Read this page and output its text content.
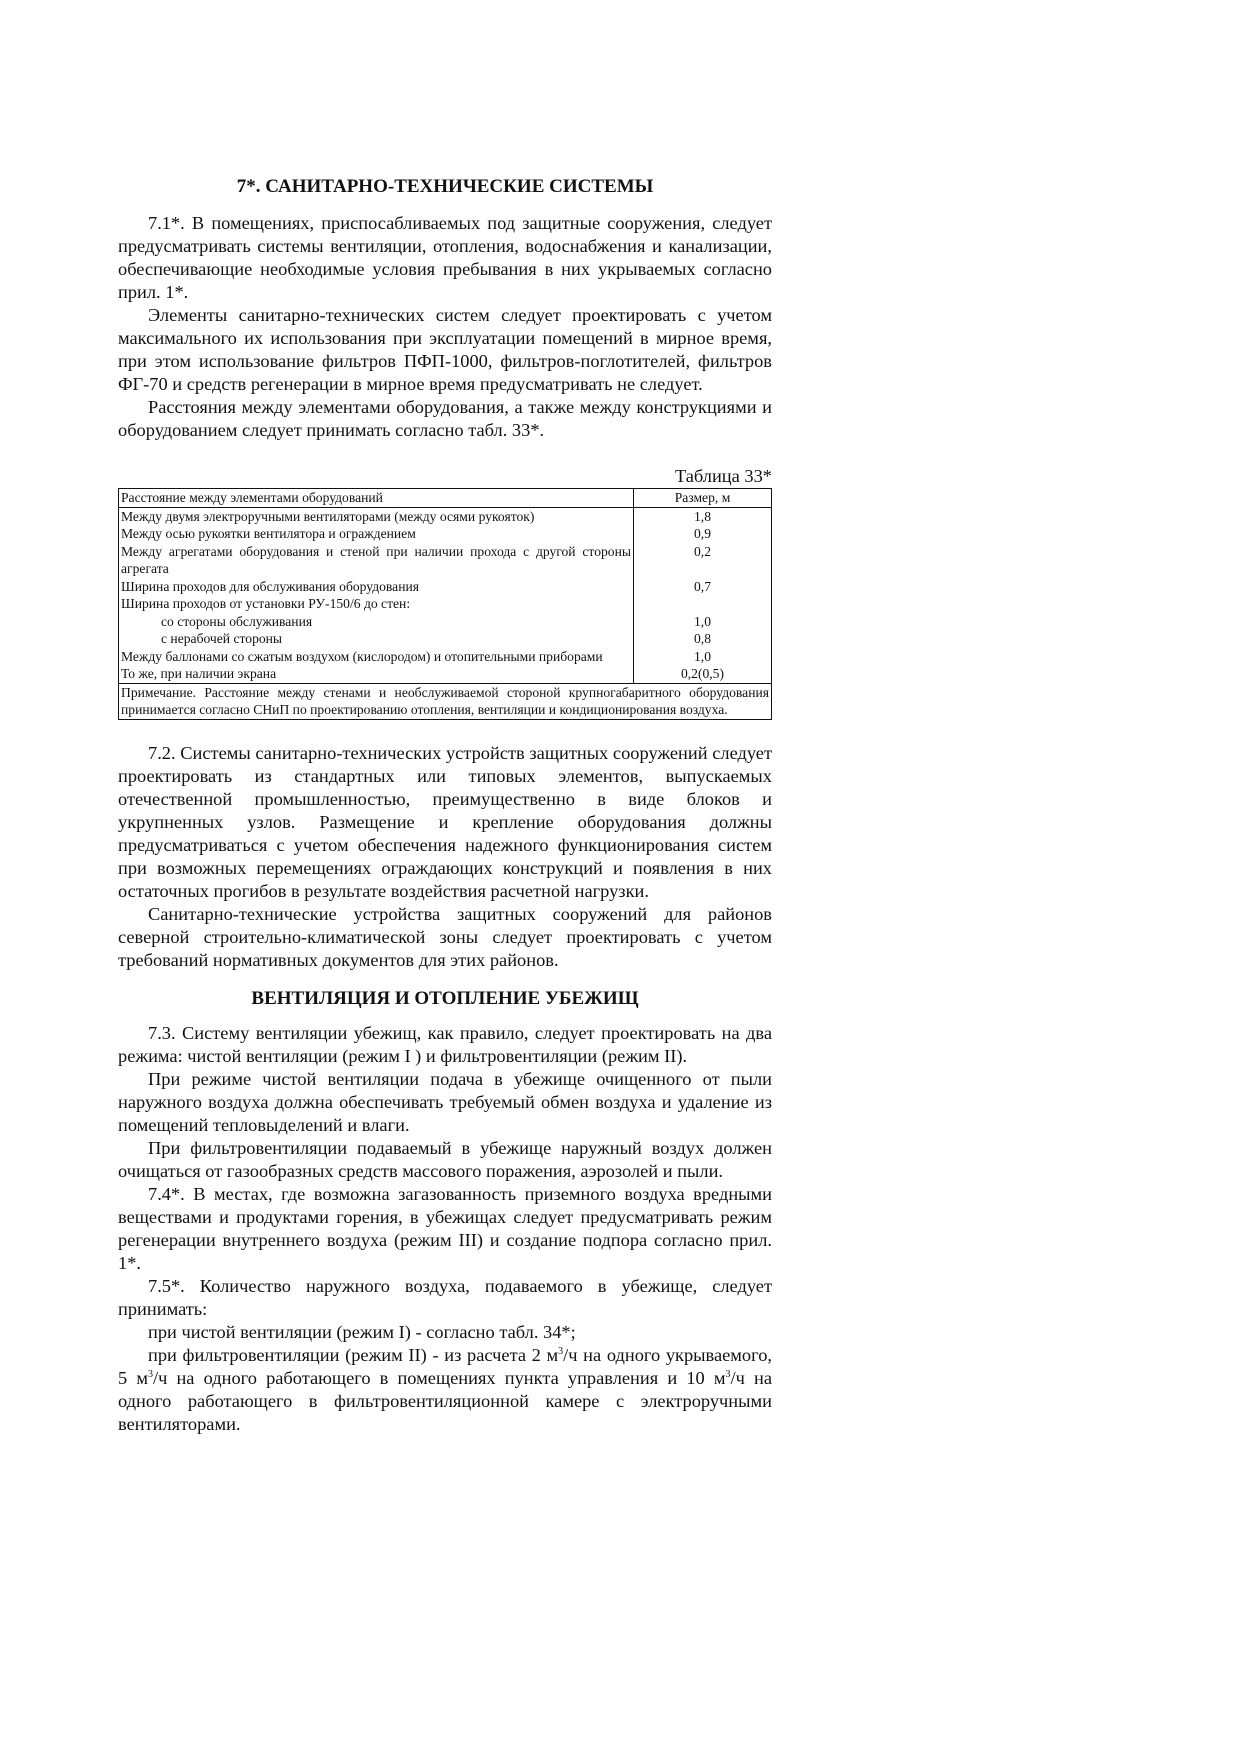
7*. САНИТАРНО-ТЕХНИЧЕСКИЕ СИСТЕМЫ

7.1*. В помещениях, приспосабливаемых под защитные сооружения, следует предусматривать системы вентиляции, отопления, водоснабжения и канализации, обеспечивающие необходимые условия пребывания в них укрываемых согласно прил. 1*.

Элементы санитарно-технических систем следует проектировать с учетом максимального их использования при эксплуатации помещений в мирное время, при этом использование фильтров ПФП-1000, фильтров-поглотителей, фильтров ФГ-70 и средств регенерации в мирное время предусматривать не следует.

Расстояния между элементами оборудования, а также между конструкциями и оборудованием следует принимать согласно табл. 33*.

Таблица 33*
Расстояние между элементами оборудований	Размер, м
Между двумя электроручными вентиляторами (между осями рукояток)	1,8
Между осью рукоятки вентилятора и ограждением	0,9
Между агрегатами оборудования и стеной при наличии прохода с другой стороны агрегата	0,2
Ширина проходов для обслуживания оборудования	0,7
Ширина проходов от установки РУ-150/6 до стен:	
со стороны обслуживания	1,0
с нерабочей стороны	0,8
Между баллонами со сжатым воздухом (кислородом) и отопительными приборами	1,0
То же, при наличии экрана	0,2(0,5)
Примечание. Расстояние между стенами и необслуживаемой стороной крупногабаритного оборудования принимается согласно СНиП по проектированию отопления, вентиляции и кондиционирования воздуха.	

7.2. Системы санитарно-технических устройств защитных сооружений следует проектировать из стандартных или типовых элементов, выпускаемых отечественной промышленностью, преимущественно в виде блоков и укрупненных узлов. Размещение и крепление оборудования должны предусматриваться с учетом обеспечения надежного функционирования систем при возможных перемещениях ограждающих конструкций и появления в них остаточных прогибов в результате воздействия расчетной нагрузки.

Санитарно-технические устройства защитных сооружений для районов северной строительно-климатической зоны следует проектировать с учетом требований нормативных документов для этих районов.

ВЕНТИЛЯЦИЯ И ОТОПЛЕНИЕ УБЕЖИЩ

7.3. Систему вентиляции убежищ, как правило, следует проектировать на два режима: чистой вентиляции (режим I ) и фильтровентиляции (режим II).

При режиме чистой вентиляции подача в убежище очищенного от пыли наружного воздуха должна обеспечивать требуемый обмен воздуха и удаление из помещений тепловыделений и влаги.

При фильтровентиляции подаваемый в убежище наружный воздух должен очищаться от газообразных средств массового поражения, аэрозолей и пыли.

7.4*. В местах, где возможна загазованность приземного воздуха вредными веществами и продуктами горения, в убежищах следует предусматривать режим регенерации внутреннего воздуха (режим III) и создание подпора согласно прил. 1*.

7.5*. Количество наружного воздуха, подаваемого в убежище, следует принимать:

при чистой вентиляции (режим I) - согласно табл. 34*;

при фильтровентиляции (режим II) - из расчета 2 $м^3/ч$ на одного укрываемого, 5 $м^3/ч$ на одного работающего в помещениях пункта управления и 10 $м^3/ч$ на одного работающего в фильтровентиляционной камере с электроручными вентиляторами.
